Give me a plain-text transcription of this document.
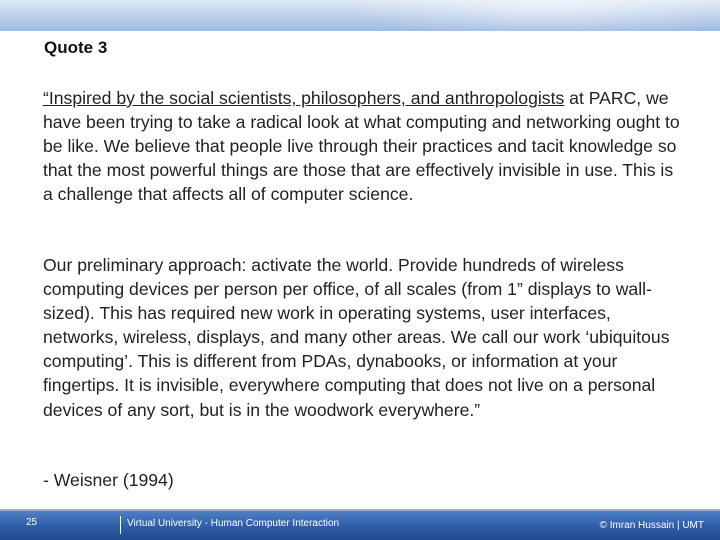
Quote 3

“Inspired by the social scientists, philosophers, and anthropologists at PARC, we have been trying to take a radical look at what computing and networking ought to be like. We believe that people live through their practices and tacit knowledge so that the most powerful things are those that are effectively invisible in use. This is a challenge that affects all of computer science.

Our preliminary approach: activate the world. Provide hundreds of wireless computing devices per person per office, of all scales (from 1” displays to wall-sized). This has required new work in operating systems, user interfaces, networks, wireless, displays, and many other areas. We call our work ‘ubiquitous computing’. This is different from PDAs, dynabooks, or information at your fingertips. It is invisible, everywhere computing that does not live on a personal devices of any sort, but is in the woodwork everywhere.”

- Weisner (1994)
25	Virtual University - Human Computer Interaction	© Imran Hussain | UMT
